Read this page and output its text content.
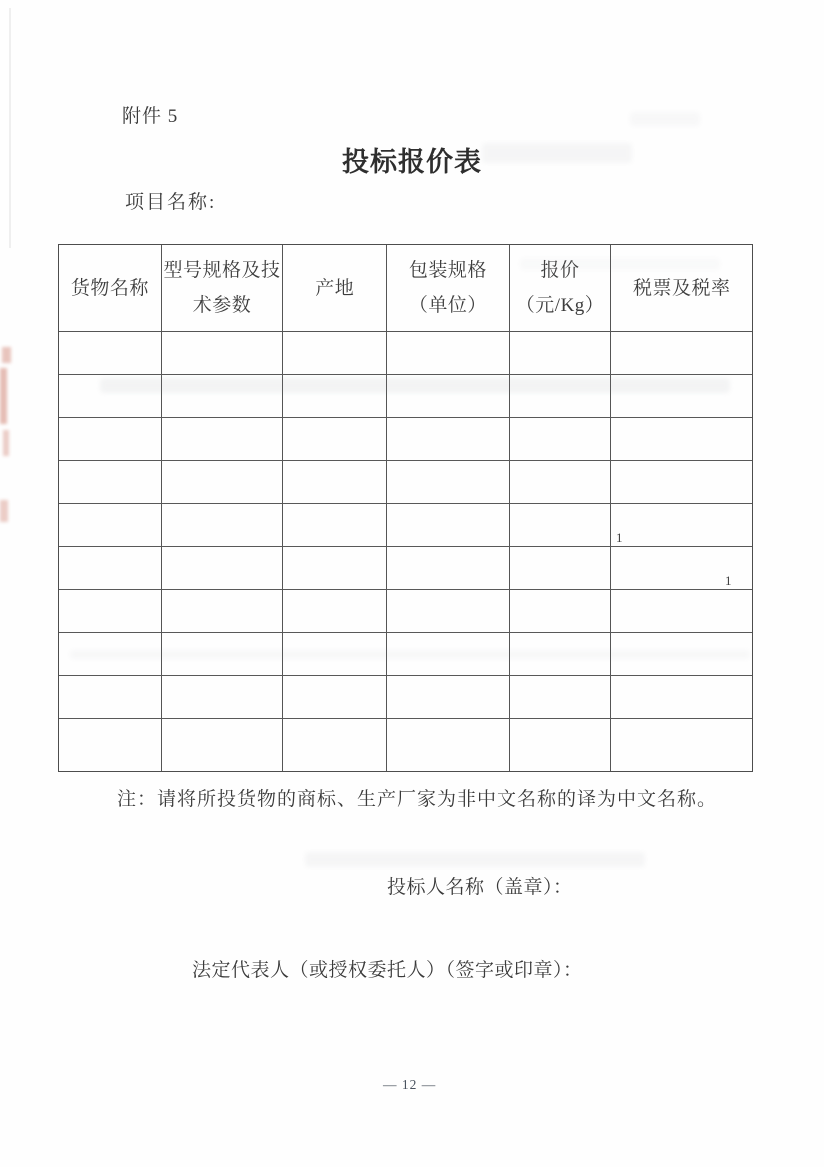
附件 5
投标报价表
项目名称:
货物名称
型号规格及技
术参数
产地
包装规格
（单位）
报价
（元/Kg）
税票及税率
1
1
注：请将所投货物的商标、生产厂家为非中文名称的译为中文名称。
投标人名称（盖章）：
法定代表人（或授权委托人）（签字或印章）：
— 12 —
